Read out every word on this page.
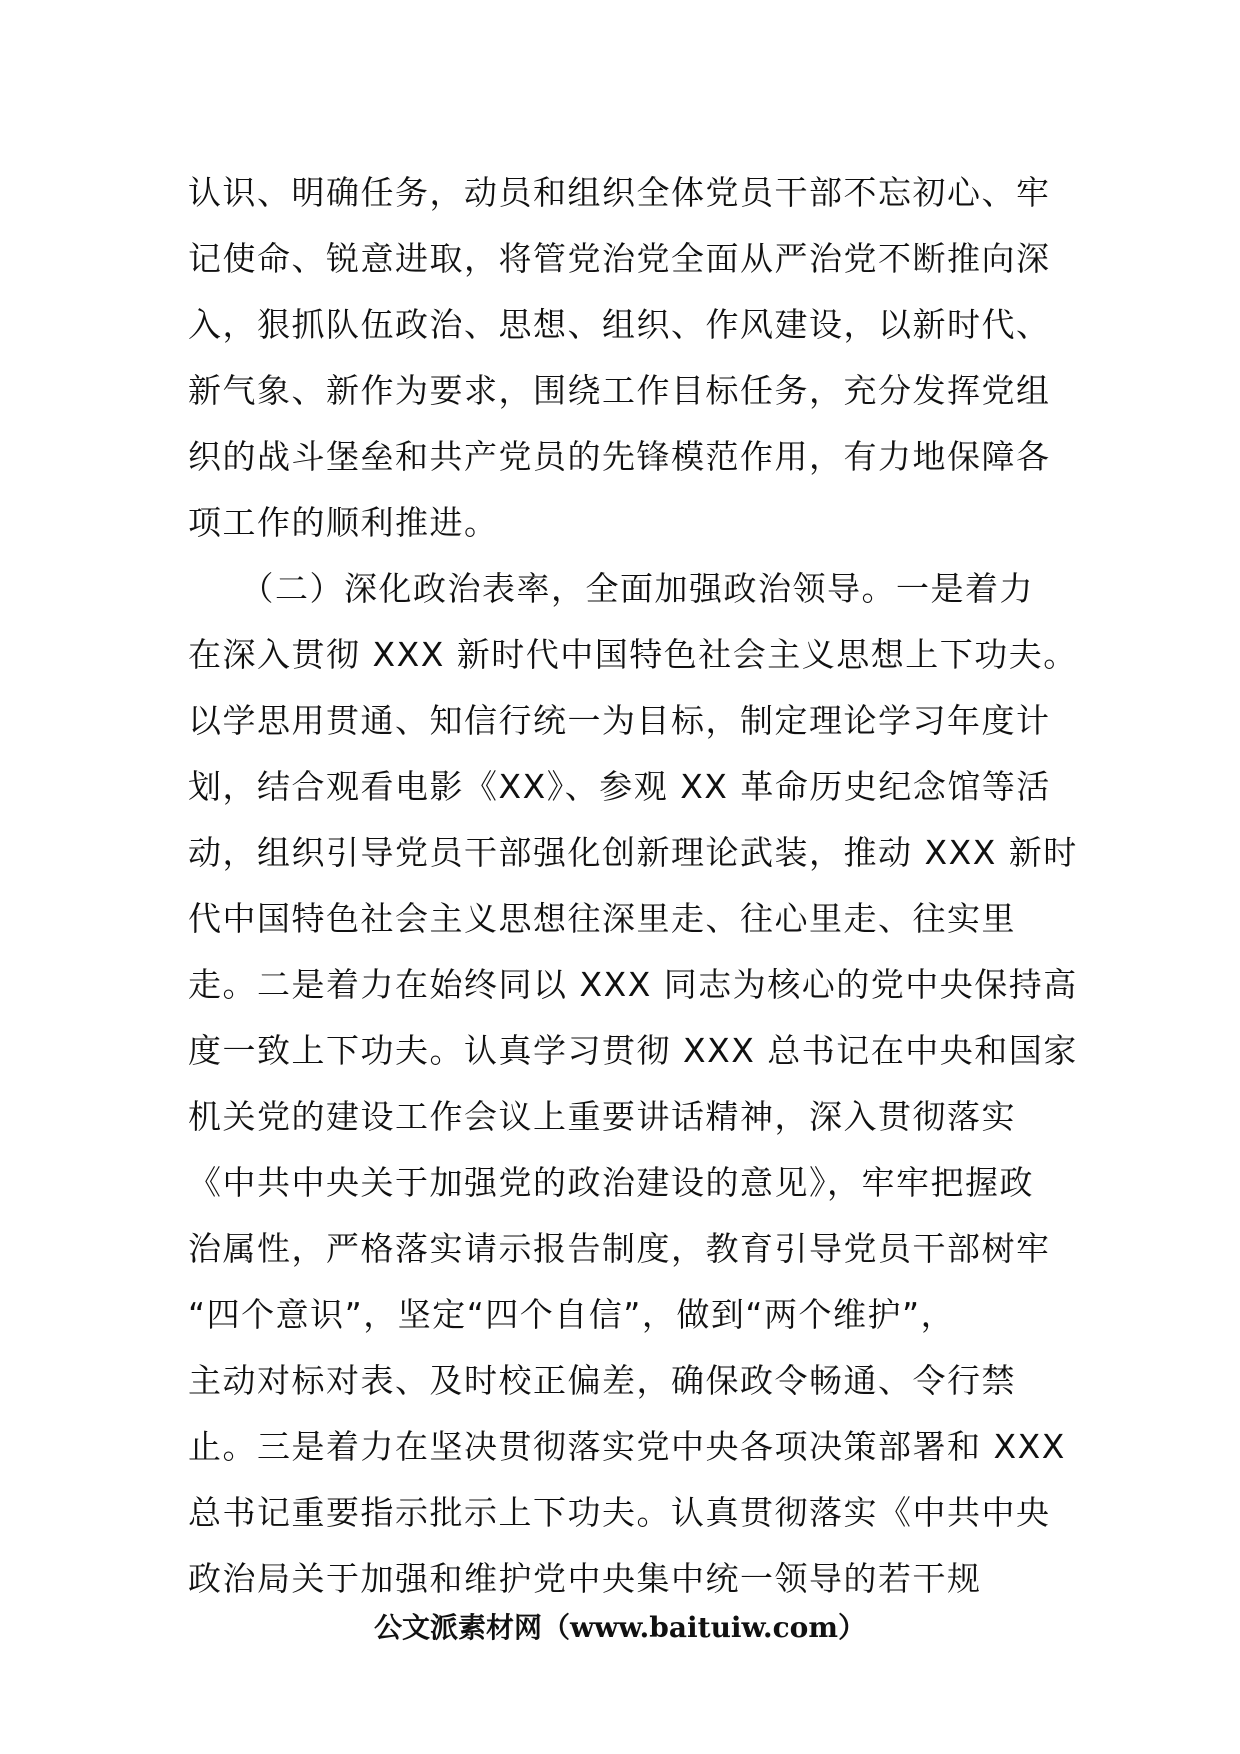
认识、明确任务，动员和组织全体党员干部不忘初心、牢
记使命、锐意进取，将管党治党全面从严治党不断推向深
入，狠抓队伍政治、思想、组织、作风建设，以新时代、
新气象、新作为要求，围绕工作目标任务，充分发挥党组
织的战斗堡垒和共产党员的先锋模范作用，有力地保障各
项工作的顺利推进。
　　（二）深化政治表率，全面加强政治领导。一是着力
在深入贯彻 XXX 新时代中国特色社会主义思想上下功夫。
以学思用贯通、知信行统一为目标，制定理论学习年度计
划，结合观看电影《XX》、参观 XX 革命历史纪念馆等活
动，组织引导党员干部强化创新理论武装，推动 XXX 新时
代中国特色社会主义思想往深里走、往心里走、往实里
走。二是着力在始终同以 XXX 同志为核心的党中央保持高
度一致上下功夫。认真学习贯彻 XXX 总书记在中央和国家
机关党的建设工作会议上重要讲话精神，深入贯彻落实
《中共中央关于加强党的政治建设的意见》，牢牢把握政
治属性，严格落实请示报告制度，教育引导党员干部树牢
“四个意识”，坚定“四个自信”，做到“两个维护”，
主动对标对表、及时校正偏差，确保政令畅通、令行禁
止。三是着力在坚决贯彻落实党中央各项决策部署和 XXX
总书记重要指示批示上下功夫。认真贯彻落实《中共中央
政治局关于加强和维护党中央集中统一领导的若干规
公文派素材网（www.baituiw.com）
